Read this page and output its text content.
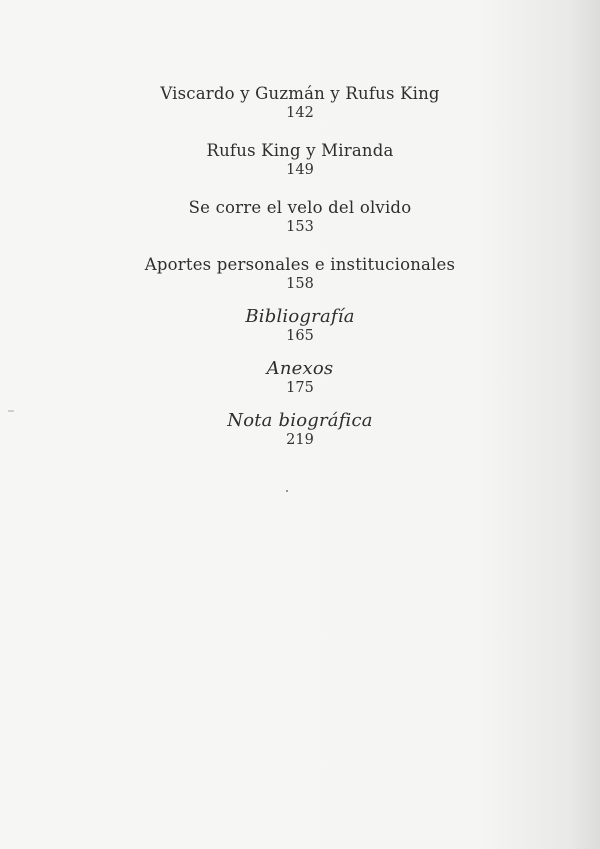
Viscardo y Guzmán y Rufus King
142
Rufus King y Miranda
149
Se corre el velo del olvido
153
Aportes personales e institucionales
158
Bibliografía
165
Anexos
175
Nota biográfica
219
